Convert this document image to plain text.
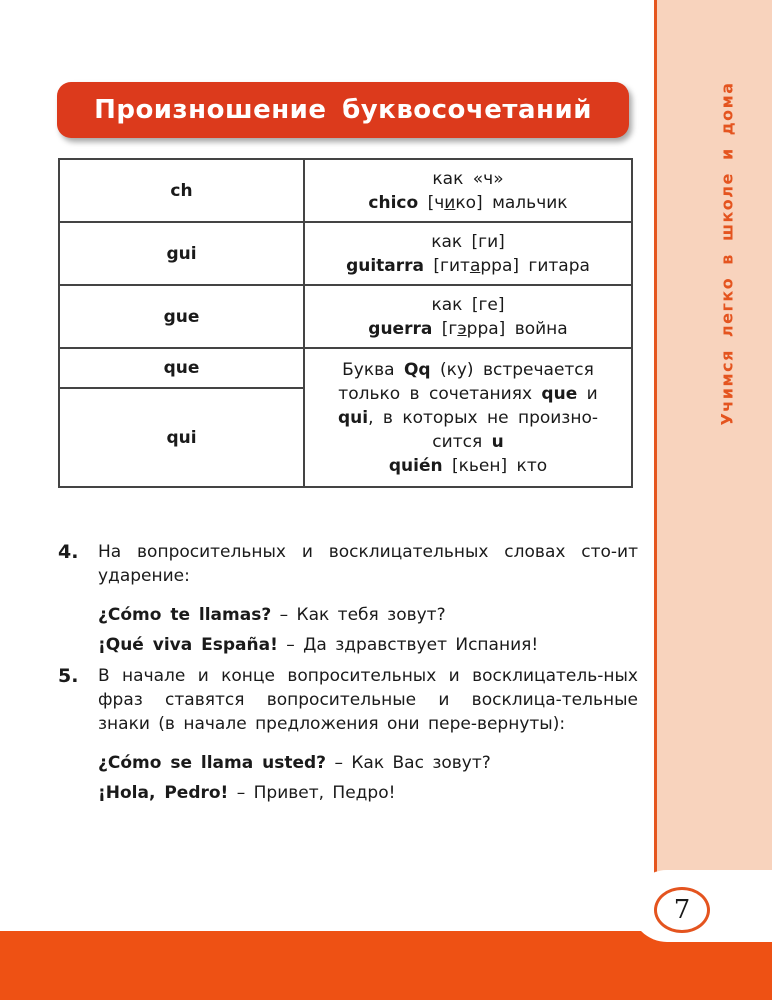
Учимся легко в школе и дома
7
Произношение буквосочетаний
ch
как «ч»
chico [чико] мальчик
gui
как [ги]
guitarra [гитарра] гитара
gue
как [ге]
guerra [гэрра] война
que
qui
Буква Qq (ку) встречается
только в сочетаниях que и
qui, в которых не произно-
сится u
quién [кьен] кто
4. На вопросительных и восклицательных словах сто-ит ударение:
¿Cómo te llamas? – Как тебя зовут?
¡Qué viva España! – Да здравствует Испания!
5. В начале и конце вопросительных и восклицатель-ных фраз ставятся вопросительные и восклица-тельные знаки (в начале предложения они пере-вернуты):
¿Cómo se llama usted? – Как Вас зовут?
¡Hola, Pedro! – Привет, Педро!
